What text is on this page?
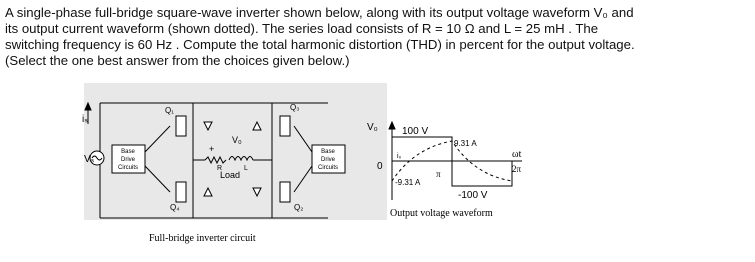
A single-phase full-bridge square-wave inverter shown below, along with its output voltage waveform V₀ and
its output current waveform (shown dotted). The series load consists of R = 10 Ω and L = 25 mH . The
switching frequency is 60 Hz . Compute the total harmonic distortion (THD) in percent for the output voltage.
(Select the one best answer from the choices given below.)

iₛ
Vₛ
Base
Drive
Circuits
Base
Drive
Circuits
Q₁	Q₃
Q₄	Q₂
V₀
+
R	L
Load
Full-bridge inverter circuit
V₀ 100 V
9.31 A
0
i₀
π
-9.31 A
ωt
2π
-100 V
Output voltage waveform
